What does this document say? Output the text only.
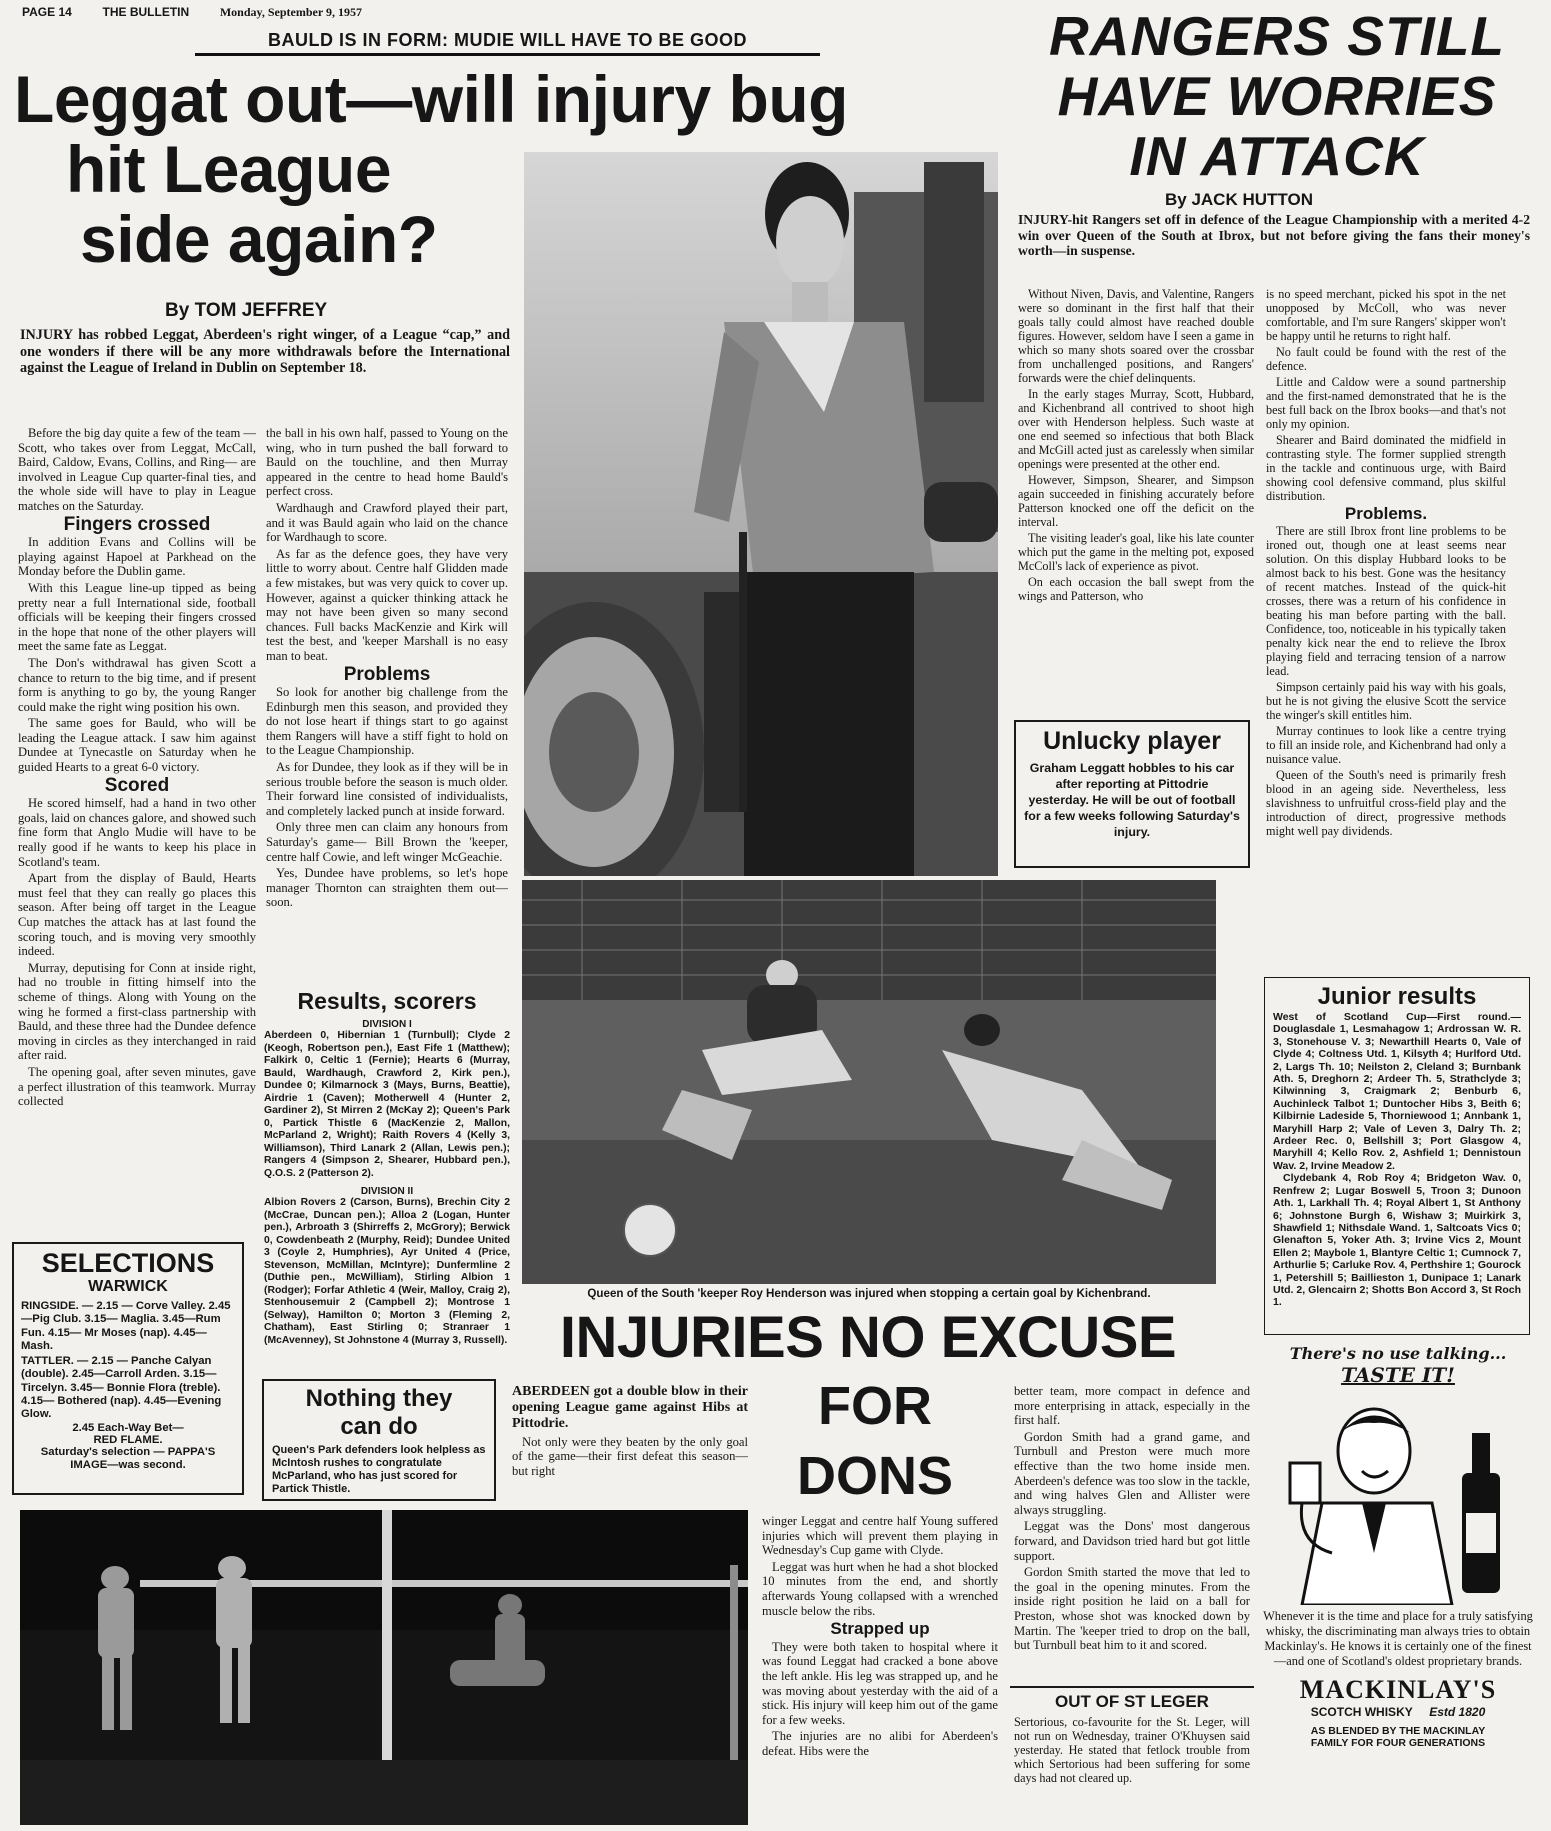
PAGE 14	THE BULLETIN	Monday, September 9, 1957
BAULD IS IN FORM: MUDIE WILL HAVE TO BE GOOD
Leggat out—will injury bug
hit League
side again?
By TOM JEFFREY

INJURY has robbed Leggat, Aberdeen's right winger, of a League “cap,” and one wonders if there will be any more withdrawals before the International against the League of Ireland in Dublin on September 18.

Before the big day quite a few of the team — Scott, who takes over from Leggat, McCall, Baird, Caldow, Evans, Collins, and Ring— are involved in League Cup quarter-final ties, and the whole side will have to play in League matches on the Saturday.

Fingers crossed

In addition Evans and Collins will be playing against Hapoel at Parkhead on the Monday before the Dublin game.

With this League line-up tipped as being pretty near a full International side, football officials will be keeping their fingers crossed in the hope that none of the other players will meet the same fate as Leggat.

The Don's withdrawal has given Scott a chance to return to the big time, and if present form is anything to go by, the young Ranger could make the right wing position his own.

The same goes for Bauld, who will be leading the League attack. I saw him against Dundee at Tynecastle on Saturday when he guided Hearts to a great 6-0 victory.

Scored

He scored himself, had a hand in two other goals, laid on chances galore, and showed such fine form that Anglo Mudie will have to be really good if he wants to keep his place in Scotland's team.

Apart from the display of Bauld, Hearts must feel that they can really go places this season. After being off target in the League Cup matches the attack has at last found the scoring touch, and is moving very smoothly indeed.

Murray, deputising for Conn at inside right, had no trouble in fitting himself into the scheme of things. Along with Young on the wing he formed a first-class partnership with Bauld, and these three had the Dundee defence moving in circles as they interchanged in raid after raid.

The opening goal, after seven minutes, gave a perfect illustration of this teamwork. Murray collected

the ball in his own half, passed to Young on the wing, who in turn pushed the ball forward to Bauld on the touchline, and then Murray appeared in the centre to head home Bauld's perfect cross.

Wardhaugh and Crawford played their part, and it was Bauld again who laid on the chance for Wardhaugh to score.

As far as the defence goes, they have very little to worry about. Centre half Glidden made a few mistakes, but was very quick to cover up. However, against a quicker thinking attack he may not have been given so many second chances. Full backs MacKenzie and Kirk will test the best, and 'keeper Marshall is no easy man to beat.

Problems

So look for another big challenge from the Edinburgh men this season, and provided they do not lose heart if things start to go against them Rangers will have a stiff fight to hold on to the League Championship.

As for Dundee, they look as if they will be in serious trouble before the season is much older. Their forward line consisted of individualists, and completely lacked punch at inside forward.

Only three men can claim any honours from Saturday's game— Bill Brown the 'keeper, centre half Cowie, and left winger McGeachie.

Yes, Dundee have problems, so let's hope manager Thornton can straighten them out—soon.

Results, scorers
DIVISION I
Aberdeen 0, Hibernian 1 (Turnbull); Clyde 2 (Keogh, Robertson pen.), East Fife 1 (Matthew); Falkirk 0, Celtic 1 (Fernie); Hearts 6 (Murray, Bauld, Wardhaugh, Crawford 2, Kirk pen.), Dundee 0; Kilmarnock 3 (Mays, Burns, Beattie), Airdrie 1 (Caven); Motherwell 4 (Hunter 2, Gardiner 2), St Mirren 2 (McKay 2); Queen's Park 0, Partick Thistle 6 (MacKenzie 2, Mallon, McParland 2, Wright); Raith Rovers 4 (Kelly 3, Williamson), Third Lanark 2 (Allan, Lewis pen.); Rangers 4 (Simpson 2, Shearer, Hubbard pen.), Q.O.S. 2 (Patterson 2).
DIVISION II
Albion Rovers 2 (Carson, Burns), Brechin City 2 (McCrae, Duncan pen.); Alloa 2 (Logan, Hunter pen.), Arbroath 3 (Shirreffs 2, McGrory); Berwick 0, Cowdenbeath 2 (Murphy, Reid); Dundee United 3 (Coyle 2, Humphries), Ayr United 4 (Price, Stevenson, McMillan, McIntyre); Dunfermline 2 (Duthie pen., McWilliam), Stirling Albion 1 (Rodger); Forfar Athletic 4 (Weir, Malloy, Craig 2), Stenhousemuir 2 (Campbell 2); Montrose 1 (Selway), Hamilton 0; Morton 3 (Fleming 2, Chatham), East Stirling 0; Stranraer 1 (McAvenney), St Johnstone 4 (Murray 3, Russell).
SELECTIONS
WARWICK
RINGSIDE. — 2.15 — Corve Valley. 2.45—Pig Club. 3.15— Maglia. 3.45—Rum Fun. 4.15— Mr Moses (nap). 4.45—Mash.
TATTLER. — 2.15 — Panche Calyan (double). 2.45—Carroll Arden. 3.15—Tircelyn. 3.45— Bonnie Flora (treble). 4.15— Bothered (nap). 4.45—Evening Glow.
2.45 Each-Way Bet—
RED FLAME.
Saturday's selection — PAPPA'S IMAGE—was second.
Nothing they
can do
Queen's Park defenders look helpless as McIntosh rushes to congratulate McParland, who has just scored for Partick Thistle.
RANGERS STILL
HAVE WORRIES
IN ATTACK
By JACK HUTTON

INJURY-hit Rangers set off in defence of the League Championship with a merited 4-2 win over Queen of the South at Ibrox, but not before giving the fans their money's worth—in suspense.

Without Niven, Davis, and Valentine, Rangers were so dominant in the first half that their goals tally could almost have reached double figures. However, seldom have I seen a game in which so many shots soared over the crossbar from unchallenged positions, and Rangers' forwards were the chief delinquents.

In the early stages Murray, Scott, Hubbard, and Kichenbrand all contrived to shoot high over with Henderson helpless. Such waste at one end seemed so infectious that both Black and McGill acted just as carelessly when similar openings were presented at the other end.

However, Simpson, Shearer, and Simpson again succeeded in finishing accurately before Patterson knocked one off the deficit on the interval.

The visiting leader's goal, like his late counter which put the game in the melting pot, exposed McColl's lack of experience as pivot.

On each occasion the ball swept from the wings and Patterson, who

Unlucky player
Graham Leggatt hobbles to his car after reporting at Pittodrie yesterday. He will be out of football for a few weeks following Saturday's injury.

is no speed merchant, picked his spot in the net unopposed by McColl, who was never comfortable, and I'm sure Rangers' skipper won't be happy until he returns to right half.

No fault could be found with the rest of the defence.

Little and Caldow were a sound partnership and the first-named demonstrated that he is the best full back on the Ibrox books—and that's not only my opinion.

Shearer and Baird dominated the midfield in contrasting style. The former supplied strength in the tackle and continuous urge, with Baird showing cool defensive command, plus skilful distribution.

Problems.

There are still Ibrox front line problems to be ironed out, though one at least seems near solution. On this display Hubbard looks to be almost back to his best. Gone was the hesitancy of recent matches. Instead of the quick-hit crosses, there was a return of his confidence in beating his man before parting with the ball. Confidence, too, noticeable in his typically taken penalty kick near the end to relieve the Ibrox playing field and terracing tension of a narrow lead.

Simpson certainly paid his way with his goals, but he is not giving the elusive Scott the service the winger's skill entitles him.

Murray continues to look like a centre trying to fill an inside role, and Kichenbrand had only a nuisance value.

Queen of the South's need is primarily fresh blood in an ageing side. Nevertheless, less slavishness to unfruitful cross-field play and the introduction of direct, progressive methods might well pay dividends.

Queen of the South 'keeper Roy Henderson was injured when stopping a certain goal by Kichenbrand.
Junior results
West of Scotland Cup—First round.— Douglasdale 1, Lesmahagow 1; Ardrossan W. R. 3, Stonehouse V. 3; Newarthill Hearts 0, Vale of Clyde 4; Coltness Utd. 1, Kilsyth 4; Hurlford Utd. 2, Largs Th. 10; Neilston 2, Cleland 3; Burnbank Ath. 5, Dreghorn 2; Ardeer Th. 5, Strathclyde 3; Kilwinning 3, Craigmark 2; Benburb 6, Auchinleck Talbot 1; Duntocher Hibs 3, Beith 6; Kilbirnie Ladeside 5, Thorniewood 1; Annbank 1, Maryhill Harp 2; Vale of Leven 3, Dalry Th. 2; Ardeer Rec. 0, Bellshill 3; Port Glasgow 4, Maryhill 4; Kello Rov. 2, Ashfield 1; Dennistoun Wav. 2, Irvine Meadow 2.
Clydebank 4, Rob Roy 4; Bridgeton Wav. 0, Renfrew 2; Lugar Boswell 5, Troon 3; Dunoon Ath. 1, Larkhall Th. 4; Royal Albert 1, St Anthony 6; Johnstone Burgh 6, Wishaw 3; Muirkirk 3, Shawfield 1; Nithsdale Wand. 1, Saltcoats Vics 0; Glenafton 5, Yoker Ath. 3; Irvine Vics 2, Mount Ellen 2; Maybole 1, Blantyre Celtic 1; Cumnock 7, Arthurlie 5; Carluke Rov. 4, Perthshire 1; Gourock 1, Petershill 5; Baillieston 1, Dunipace 1; Lanark Utd. 2, Glencairn 2; Shotts Bon Accord 3, St Roch 1.
INJURIES NO EXCUSE
FOR
DONS

ABERDEEN got a double blow in their opening League game against Hibs at Pittodrie.

Not only were they beaten by the only goal of the game—their first defeat this season—but right

winger Leggat and centre half Young suffered injuries which will prevent them playing in Wednesday's Cup game with Clyde.

Leggat was hurt when he had a shot blocked 10 minutes from the end, and shortly afterwards Young collapsed with a wrenched muscle below the ribs.

Strapped up

They were both taken to hospital where it was found Leggat had cracked a bone above the left ankle. His leg was strapped up, and he was moving about yesterday with the aid of a stick. His injury will keep him out of the game for a few weeks.

The injuries are no alibi for Aberdeen's defeat. Hibs were the

better team, more compact in defence and more enterprising in attack, especially in the first half.

Gordon Smith had a grand game, and Turnbull and Preston were much more effective than the two home inside men. Aberdeen's defence was too slow in the tackle, and wing halves Glen and Allister were always struggling.

Leggat was the Dons' most dangerous forward, and Davidson tried hard but got little support.

Gordon Smith started the move that led to the goal in the opening minutes. From the inside right position he laid on a ball for Preston, whose shot was knocked down by Martin. The 'keeper tried to drop on the ball, but Turnbull beat him to it and scored.

OUT OF ST LEGER
Sertorious, co-favourite for the St. Leger, will not run on Wednesday, trainer O'Khuysen said yesterday. He stated that fetlock trouble from which Sertorious had been suffering for some days had not cleared up.
There's no use talking...
TASTE IT!
Whenever it is the time and place for a truly satisfying whisky, the discriminating man always tries to obtain Mackinlay's. He knows it is certainly one of the finest—and one of Scotland's oldest proprietary brands.
MACKINLAY'S
SCOTCH WHISKY Estd 1820
AS BLENDED BY THE MACKINLAY
FAMILY FOR FOUR GENERATIONS
